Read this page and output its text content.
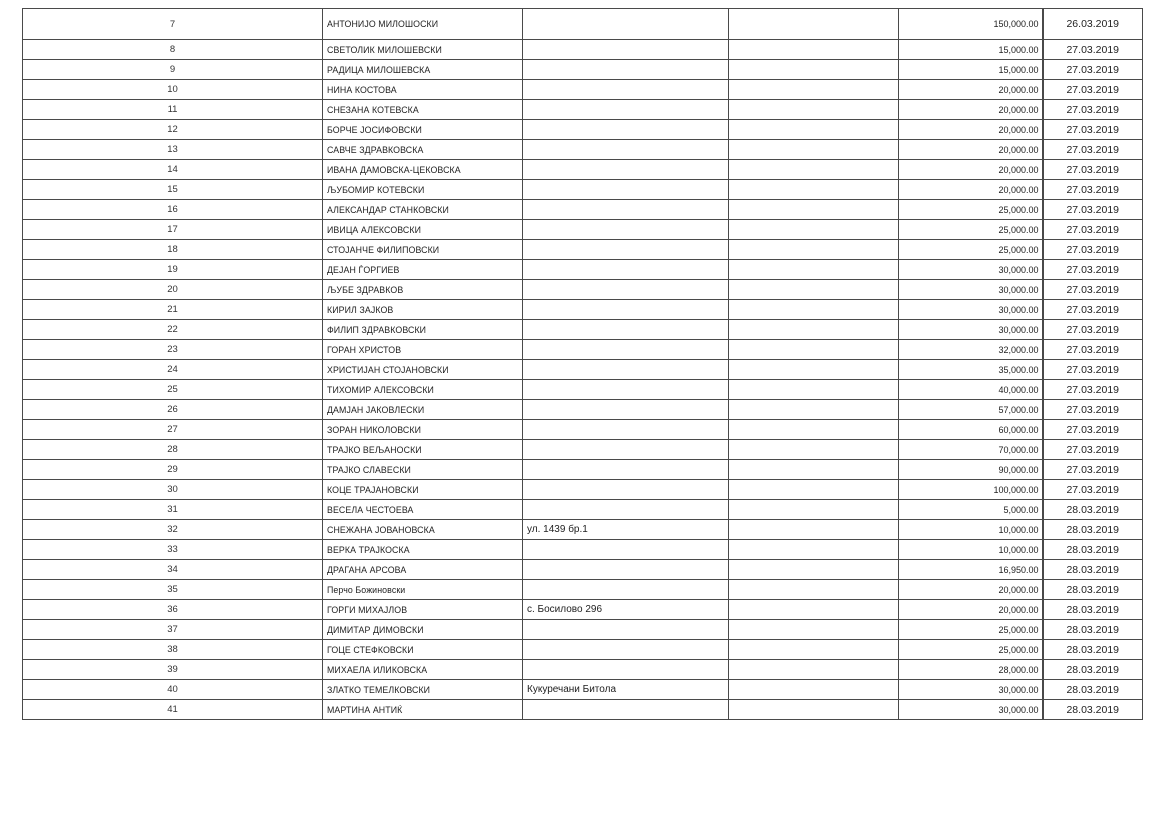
7	АНТОНИЈО МИЛОШОСКИ			150,000.00	26.03.2019
8	СВЕТОЛИК МИЛОШЕВСКИ			15,000.00	27.03.2019
9	РАДИЦА МИЛОШЕВСКА			15,000.00	27.03.2019
10	НИНА КОСТОВА			20,000.00	27.03.2019
11	СНЕЗАНА КОТЕВСКА			20,000.00	27.03.2019
12	БОРЧЕ ЈОСИФОВСКИ			20,000.00	27.03.2019
13	САВЧЕ ЗДРАВКОВСКА			20,000.00	27.03.2019
14	ИВАНА ДАМОВСКА-ЦЕКОВСКА			20,000.00	27.03.2019
15	ЉУБОМИР КОТЕВСКИ			20,000.00	27.03.2019
16	АЛЕКСАНДАР СТАНКОВСКИ			25,000.00	27.03.2019
17	ИВИЦА АЛЕКСОВСКИ			25,000.00	27.03.2019
18	СТОЈАНЧЕ ФИЛИПОВСКИ			25,000.00	27.03.2019
19	ДЕЈАН ЃОРГИЕВ			30,000.00	27.03.2019
20	ЉУБЕ ЗДРАВКОВ			30,000.00	27.03.2019
21	КИРИЛ ЗАЈКОВ			30,000.00	27.03.2019
22	ФИЛИП ЗДРАВКОВСКИ			30,000.00	27.03.2019
23	ГОРАН ХРИСТОВ			32,000.00	27.03.2019
24	ХРИСТИЈАН СТОЈАНОВСКИ			35,000.00	27.03.2019
25	ТИХОМИР АЛЕКСОВСКИ			40,000.00	27.03.2019
26	ДАМЈАН ЈАКОВЛЕСКИ			57,000.00	27.03.2019
27	ЗОРАН НИКОЛОВСКИ			60,000.00	27.03.2019
28	ТРАЈКО ВЕЉАНОСКИ			70,000.00	27.03.2019
29	ТРАЈКО СЛАВЕСКИ			90,000.00	27.03.2019
30	КОЦЕ ТРАЈАНОВСКИ			100,000.00	27.03.2019
31	ВЕСЕЛА ЧЕСТОЕВА			5,000.00	28.03.2019
32	СНЕЖАНА ЈОВАНОВСКА	ул. 1439 бр.1		10,000.00	28.03.2019
33	ВЕРКА ТРАЈКОСКА			10,000.00	28.03.2019
34	ДРАГАНА АРСОВА			16,950.00	28.03.2019
35	Перчо Божиновски			20,000.00	28.03.2019
36	ГОРГИ МИХАЈЛОВ	с. Босилово 296		20,000.00	28.03.2019
37	ДИМИТАР ДИМОВСКИ			25,000.00	28.03.2019
38	ГОЦЕ СТЕФКОВСКИ			25,000.00	28.03.2019
39	МИХАЕЛА ИЛИКОВСКА			28,000.00	28.03.2019
40	ЗЛАТКО ТЕМЕЛКОВСКИ	Кукуречани Битола		30,000.00	28.03.2019
41	МАРТИНА АНТИЌ			30,000.00	28.03.2019
